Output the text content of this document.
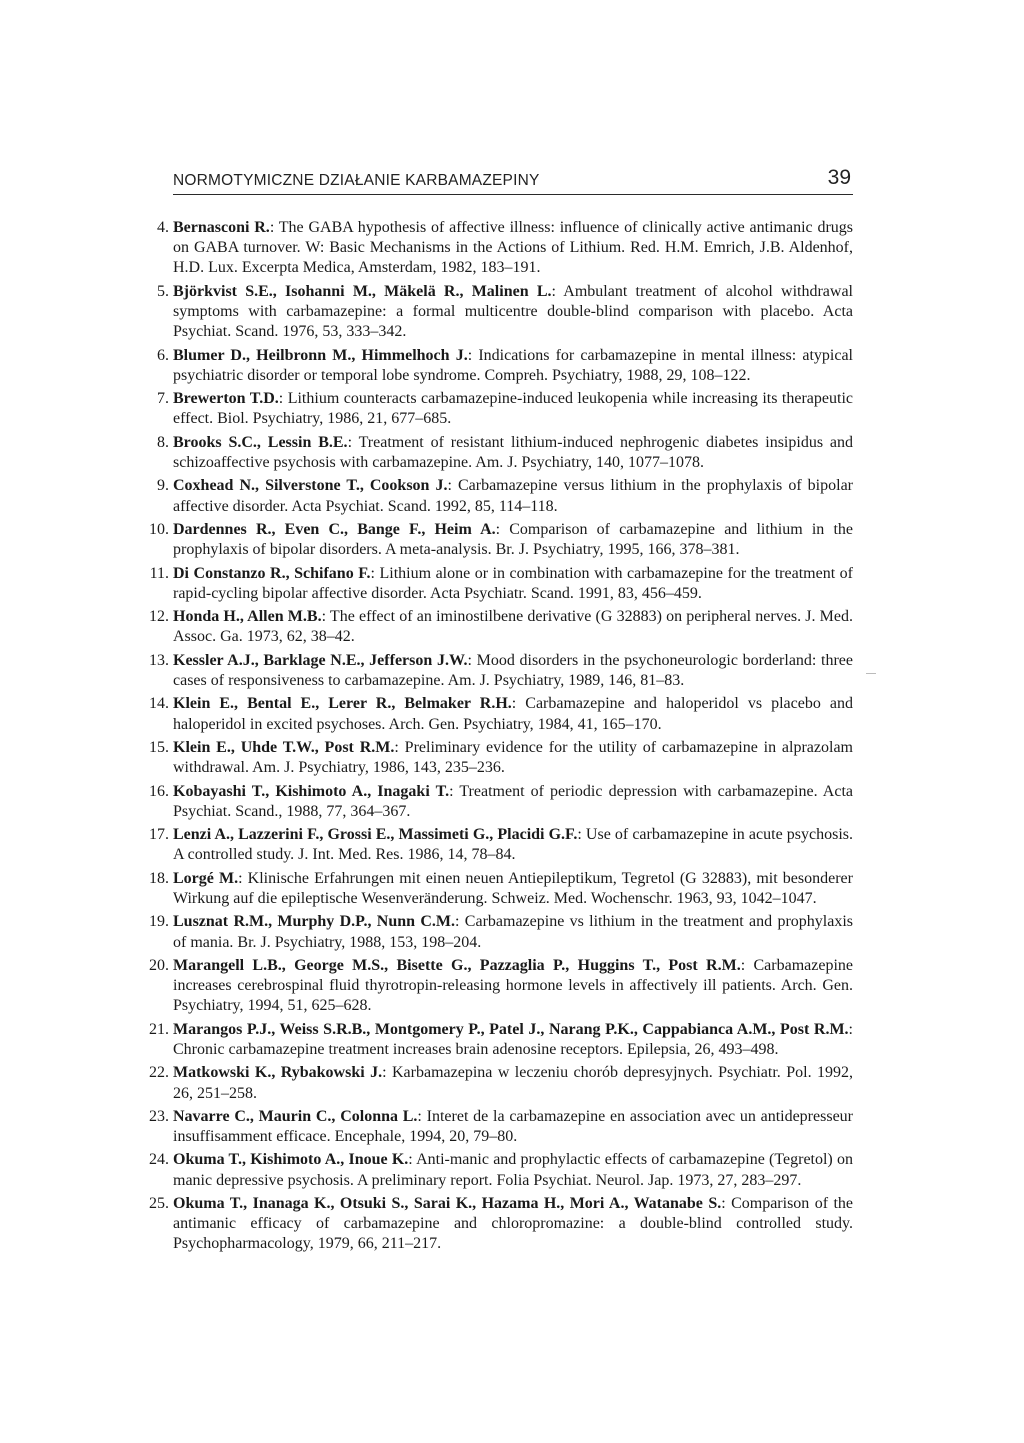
NORMOTYMICZNE DZIAŁANIE KARBAMAZEPINY	39
4. Bernasconi R.: The GABA hypothesis of affective illness: influence of clinically active antimanic drugs on GABA turnover. W: Basic Mechanisms in the Actions of Lithium. Red. H.M. Emrich, J.B. Aldenhof, H.D. Lux. Excerpta Medica, Amsterdam, 1982, 183–191.
5. Björkvist S.E., Isohanni M., Mäkelä R., Malinen L.: Ambulant treatment of alcohol withdrawal symptoms with carbamazepine: a formal multicentre double-blind comparison with placebo. Acta Psychiat. Scand. 1976, 53, 333–342.
6. Blumer D., Heilbronn M., Himmelhoch J.: Indications for carbamazepine in mental illness: atypical psychiatric disorder or temporal lobe syndrome. Compreh. Psychiatry, 1988, 29, 108–122.
7. Brewerton T.D.: Lithium counteracts carbamazepine-induced leukopenia while increasing its therapeutic effect. Biol. Psychiatry, 1986, 21, 677–685.
8. Brooks S.C., Lessin B.E.: Treatment of resistant lithium-induced nephrogenic diabetes insipidus and schizoaffective psychosis with carbamazepine. Am. J. Psychiatry, 140, 1077–1078.
9. Coxhead N., Silverstone T., Cookson J.: Carbamazepine versus lithium in the prophylaxis of bipolar affective disorder. Acta Psychiat. Scand. 1992, 85, 114–118.
10. Dardennes R., Even C., Bange F., Heim A.: Comparison of carbamazepine and lithium in the prophylaxis of bipolar disorders. A meta-analysis. Br. J. Psychiatry, 1995, 166, 378–381.
11. Di Constanzo R., Schifano F.: Lithium alone or in combination with carbamazepine for the treatment of rapid-cycling bipolar affective disorder. Acta Psychiatr. Scand. 1991, 83, 456–459.
12. Honda H., Allen M.B.: The effect of an iminostilbene derivative (G 32883) on peripheral nerves. J. Med. Assoc. Ga. 1973, 62, 38–42.
13. Kessler A.J., Barklage N.E., Jefferson J.W.: Mood disorders in the psychoneurologic borderland: three cases of responsiveness to carbamazepine. Am. J. Psychiatry, 1989, 146, 81–83.
14. Klein E., Bental E., Lerer R., Belmaker R.H.: Carbamazepine and haloperidol vs placebo and haloperidol in excited psychoses. Arch. Gen. Psychiatry, 1984, 41, 165–170.
15. Klein E., Uhde T.W., Post R.M.: Preliminary evidence for the utility of carbamazepine in alprazolam withdrawal. Am. J. Psychiatry, 1986, 143, 235–236.
16. Kobayashi T., Kishimoto A., Inagaki T.: Treatment of periodic depression with carbamazepine. Acta Psychiat. Scand., 1988, 77, 364–367.
17. Lenzi A., Lazzerini F., Grossi E., Massimeti G., Placidi G.F.: Use of carbamazepine in acute psychosis. A controlled study. J. Int. Med. Res. 1986, 14, 78–84.
18. Lorgé M.: Klinische Erfahrungen mit einen neuen Antiepileptikum, Tegretol (G 32883), mit besonderer Wirkung auf die epileptische Wesenveränderung. Schweiz. Med. Wochenschr. 1963, 93, 1042–1047.
19. Lusznat R.M., Murphy D.P., Nunn C.M.: Carbamazepine vs lithium in the treatment and prophylaxis of mania. Br. J. Psychiatry, 1988, 153, 198–204.
20. Marangell L.B., George M.S., Bisette G., Pazzaglia P., Huggins T., Post R.M.: Carbamazepine increases cerebrospinal fluid thyrotropin-releasing hormone levels in affectively ill patients. Arch. Gen. Psychiatry, 1994, 51, 625–628.
21. Marangos P.J., Weiss S.R.B., Montgomery P., Patel J., Narang P.K., Cappabianca A.M., Post R.M.: Chronic carbamazepine treatment increases brain adenosine receptors. Epilepsia, 26, 493–498.
22. Matkowski K., Rybakowski J.: Karbamazepina w leczeniu chorób depresyjnych. Psychiatr. Pol. 1992, 26, 251–258.
23. Navarre C., Maurin C., Colonna L.: Interet de la carbamazepine en association avec un antidepresseur insuffisamment efficace. Encephale, 1994, 20, 79–80.
24. Okuma T., Kishimoto A., Inoue K.: Anti-manic and prophylactic effects of carbamazepine (Tegretol) on manic depressive psychosis. A preliminary report. Folia Psychiat. Neurol. Jap. 1973, 27, 283–297.
25. Okuma T., Inanaga K., Otsuki S., Sarai K., Hazama H., Mori A., Watanabe S.: Comparison of the antimanic efficacy of carbamazepine and chloropromazine: a double-blind controlled study. Psychopharmacology, 1979, 66, 211–217.
